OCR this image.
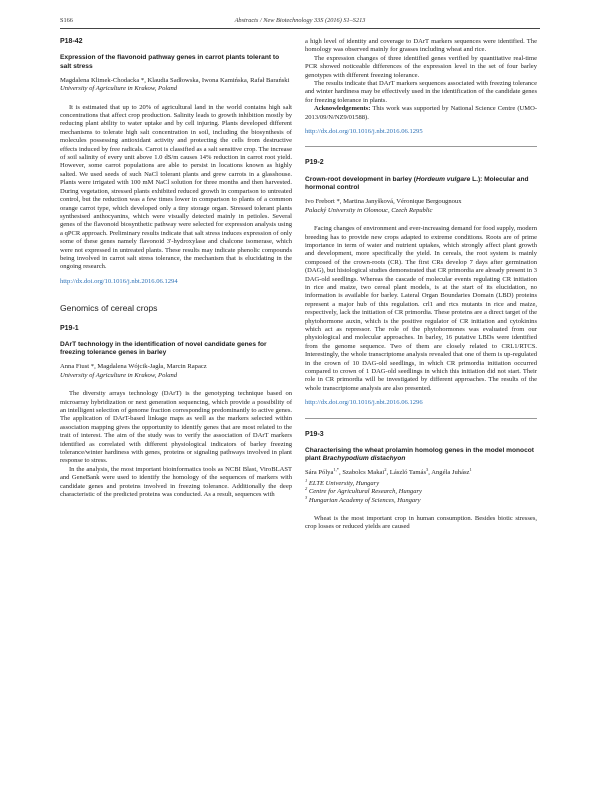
S166	Abstracts / New Biotechnology 33S (2016) S1–S213
P18-42
Expression of the flavonoid pathway genes in carrot plants tolerant to salt stress
Magdalena Klimek-Chodacka *, Klaudia Sadłowska, Iwona Kamińska, Rafał Barański
University of Agriculture in Krakow, Poland

It is estimated that up to 20% of agricultural land in the world contains high salt concentrations that affect crop production. Salinity leads to growth inhibition mostly by reducing plant ability to water uptake and by cell injuring. Plants developed different mechanisms to tolerate high salt concentration in soil, including the biosynthesis of molecules possessing antioxidant activity and protecting the cells from destructive effects induced by free radicals. Carrot is classified as a salt sensitive crop. The increase of soil salinity of every unit above 1.0 dS/m causes 14% reduction in carrot root yield. However, some carrot populations are able to persist in locations known as highly salted. We used seeds of such NaCl tolerant plants and grew carrots in a glasshouse. Plants were irrigated with 100 mM NaCl solution for three months and then harvested. During vegetation, stressed plants exhibited reduced growth in comparison to untreated control, but the reduction was a few times lower in comparison to plants of a common orange carrot type, which developed only a tiny storage organ. Stressed tolerant plants synthesised anthocyanins, which were visually detected mainly in petioles. Several genes of the flavonoid biosynthetic pathway were selected for expression analysis using a qPCR approach. Preliminary results indicate that salt stress induces expression of only some of these genes namely flavonoid 3'-hydroxylase and chalcone isomerase, which were not expressed in untreated plants. These results may indicate phenolic compounds being involved in carrot salt stress tolerance, the mechanism that is elucidating in the ongoing research.

http://dx.doi.org/10.1016/j.nbt.2016.06.1294
Genomics of cereal crops
P19-1
DArT technology in the identification of novel candidate genes for freezing tolerance genes in barley
Anna Fiust *, Magdalena Wójcik-Jagła, Marcin Rapacz
University of Agriculture in Krakow, Poland

The diversity arrays technology (DArT) is the genotyping technique based on microarray hybridization or next generation sequencing, which provide a possibility of an intelligent selection of genome fraction corresponding predominantly to active genes. The application of DArT-based linkage maps as well as the markers selected within association mapping gives the opportunity to identify genes that are most related to the trait of interest. The aim of the study was to verify the association of DArT markers identified as correlated with different physiological indicators of barley freezing tolerance/winter hardiness with genes, proteins or signaling pathways involved in plant response to stress.

In the analysis, the most important bioinformatics tools as NCBI Blast, ViroBLAST and GeneBank were used to identify the homology of the sequences of markers with candidate genes and proteins involved in freezing tolerance. Additionally the deep characteristic of the predicted proteins was conducted. As a result, sequences with

a high level of identity and coverage to DArT markers sequences were identified. The homology was observed mainly for grasses including wheat and rice.

The expression changes of three identified genes verified by quantitative real-time PCR showed noticeable differences of the expression level in the set of four barley genotypes with different freezing tolerance.

The results indicate that DArT markers sequences associated with freezing tolerance and winter hardiness may be effectively used in the identification of the candidate genes for freezing tolerance in plants.

Acknowledgements: This work was supported by National Science Centre (UMO-2013/09/N/NZ9/01588).

http://dx.doi.org/10.1016/j.nbt.2016.06.1295
P19-2
Crown-root development in barley (Hordeum vulgare L.): Molecular and hormonal control
Ivo Frebort *, Martina Janyšková, Véronique Bergougnoux
Palacký University in Olomouc, Czech Republic

Facing changes of environment and ever-increasing demand for food supply, modern breeding has to provide new crops adapted to extreme conditions. Roots are of prime importance in term of water and nutrient uptakes, which strongly affect plant growth and development, more specifically the yield. In cereals, the root system is mainly composed of the crown-roots (CR). The first CRs develop 7 days after germination (DAG), but histological studies demonstrated that CR primordia are already present in 3 DAG-old seedlings. Whereas the cascade of molecular events regulating CR initiation in rice and maize, two cereal plant models, is at the start of its elucidation, no information is available for barley. Lateral Organ Boundaries Domain (LBD) proteins represent a major hub of this regulation. crl1 and rtcs mutants in rice and maize, respectively, lack the initiation of CR primordia. These proteins are a direct target of the phytohormone auxin, which is the positive regulator of CR initiation and cytokinins which act as repressor. The role of the phytohormones was evaluated from our physiological and molecular approaches. In barley, 16 putative LBDs were identified from the genome sequence. Two of them are closely related to CRL1/RTCS. Interestingly, the whole transcriptome analysis revealed that one of them is up-regulated in the crown of 10 DAG-old seedlings, in which CR primordia initiation occurred compared to crown of 1 DAG-old seedlings in which this initiation did not start. Their role in CR primordia will be investigated by different approaches. The results of the whole transcriptome analysis are also presented.

http://dx.doi.org/10.1016/j.nbt.2016.06.1296
P19-3
Characterising the wheat prolamin homolog genes in the model monocot plant Brachypodium distachyon
Sára Pólya$^{1,*}$, Szabolcs Makai$^2$, László Tamás$^3$, Angéla Juhász$^1$
$^1$ ELTE University, Hungary
$^2$ Centre for Agricultural Research, Hungary
$^3$ Hungarian Academy of Sciences, Hungary

Wheat is the most important crop in human consumption. Besides biotic stresses, crop losses or reduced yields are caused
